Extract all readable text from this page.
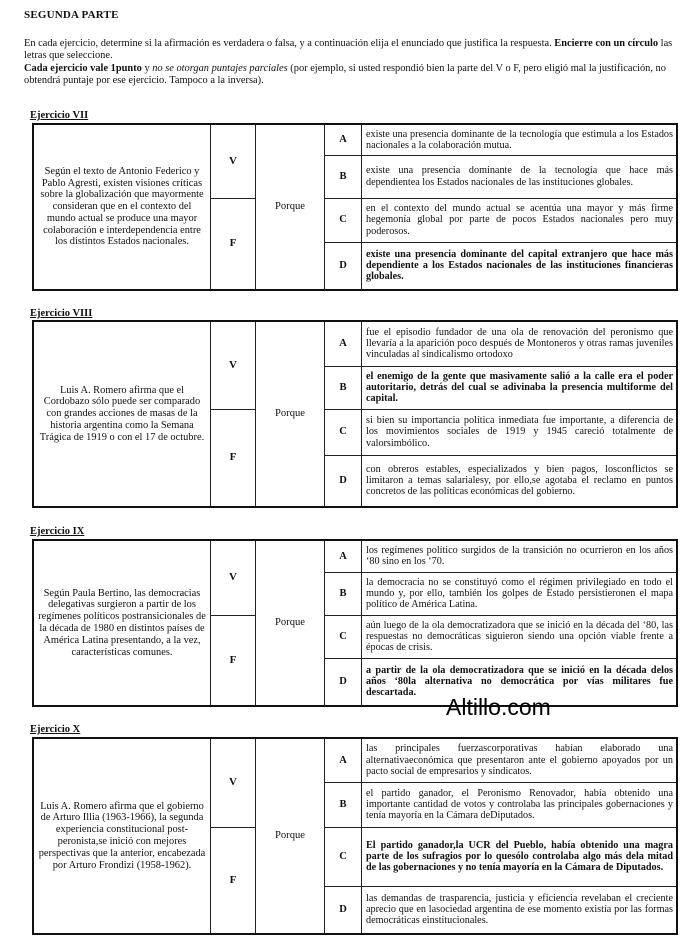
SEGUNDA PARTE

En cada ejercicio, determine si la afirmación es verdadera o falsa, y a continuación elija el enunciado que justifica la respuesta. Encierre con un círculo las letras que seleccione.

Cada ejercicio vale 1punto y no se otorgan puntajes parciales (por ejemplo, si usted respondió bien la parte del V o F, pero eligió mal la justificación, no obtendrá puntaje por ese ejercicio. Tampoco a la inversa).

Ejercicio VII
Según el texto de Antonio Federico y Pablo Agresti, existen visiones críticas sobre la globalización que mayormente consideran que en el contexto del mundo actual se produce una mayor colaboración e interdependencia entre los distintos Estados nacionales.	V	Porque	A	existe una presencia dominante de la tecnología que estimula a los Estados nacionales a la colaboración mutua.
			B	existe una presencia dominante de la tecnología que hace más dependientea los Estados nacionales de las instituciones globales.
	F		C	en el contexto del mundo actual se acentúa una mayor y más firme hegemonía global por parte de pocos Estados nacionales pero muy poderosos.
			D	existe una presencia dominante del capital extranjero que hace más dependiente a los Estados nacionales de las instituciones financieras globales.
Ejercicio VIII
Luis A. Romero afirma que el Cordobazo sólo puede ser comparado con grandes acciones de masas de la historia argentina como la Semana Trágica de 1919 o con el 17 de octubre.	V	Porque	A	fue el episodio fundador de una ola de renovación del peronismo que llevaría a la aparición poco después de Montoneros y otras ramas juveniles vinculadas al sindicalismo ortodoxo
			B	el enemigo de la gente que masivamente salió a la calle era el poder autoritario, detrás del cual se adivinaba la presencia multiforme del capital.
	F		C	si bien su importancia política inmediata fue importante, a diferencia de los movimientos sociales de 1919 y 1945 careció totalmente de valorsimbólico.
			D	con obreros estables, especializados y bien pagos, losconflictos se limitaron a temas salarialesy, por ello,se agotaba el reclamo en puntos concretos de las políticas económicas del gobierno.
Ejercicio IX
Según Paula Bertino, las democracias delegativas surgieron a partir de los regímenes políticos postransicionales de la década de 1980 en distintos países de América Latina presentando, a la vez, características comunes.	V	Porque	A	los regímenes político surgidos de la transición no ocurrieron en los años ‘80 sino en los ‘70.
			B	la democracia no se constituyó como el régimen privilegiado en todo el mundo y, por ello, también los golpes de Estado persistieronen el mapa político de América Latina.
	F		C	aún luego de la ola democratizadora que se inició en la década del ‘80, las respuestas no democráticas siguieron siendo una opción viable frente a épocas de crisis.
			D	a partir de la ola democratizadora que se inició en la década delos años ‘80la alternativa no democrática por vías militares fue descartada.
Altillo.com
Ejercicio X
Luis A. Romero afirma que el gobierno de Arturo Illia (1963-1966), la segunda experiencia constitucional post-peronista,se inició con mejores perspectivas que la anterior, encabezada por Arturo Frondizi (1958-1962).	V	Porque	A	las principales fuerzascorporativas habían elaborado una alternativaeconómica que presentaron ante el gobierno apoyados por un pacto social de empresarios y sindicatos.
			B	el partido ganador, el Peronismo Renovador, había obtenido una importante cantidad de votos y controlaba las principales gobernaciones y tenía mayoría en la Cámara deDiputados.
	F		C	El partido ganador,la UCR del Pueblo, había obtenido una magra parte de los sufragios por lo quesólo controlaba algo más dela mitad de las gobernaciones y no tenía mayoría en la Cámara de Diputados.
			D	las demandas de trasparencia, justicia y eficiencia revelaban el creciente aprecio que en lasociedad argentina de ese momento existía por las formas democráticas einstitucionales.
